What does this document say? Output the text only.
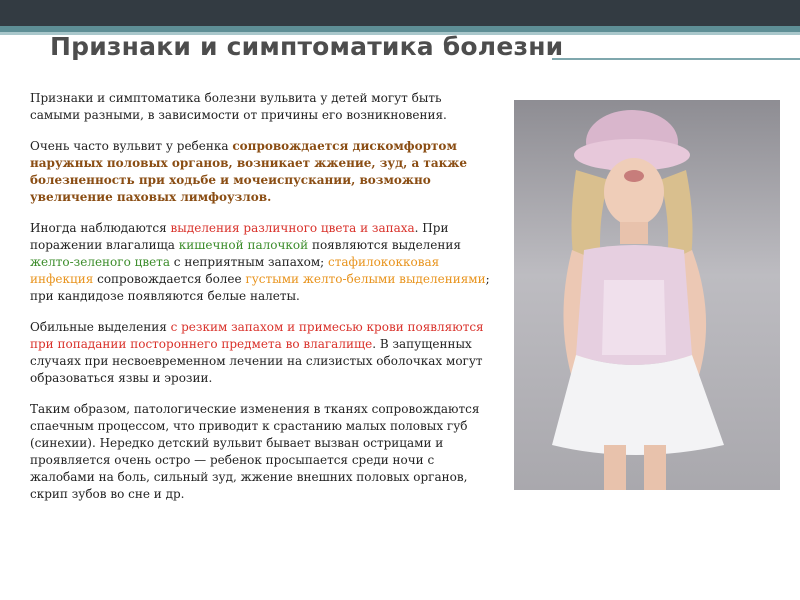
Признаки и симптоматика болезни

Признаки и симптоматика болезни вульвита у детей могут быть самыми разными, в зависимости от причины его возникновения.

Очень часто вульвит у ребенка сопровождается дискомфортом наружных половых органов, возникает жжение, зуд, а также болезненность при ходьбе и мочеиспускании, возможно увеличение паховых лимфоузлов.

Иногда наблюдаются выделения различного цвета и запаха. При поражении влагалища кишечной палочкой появляются выделения желто-зеленого цвета с неприятным запахом; стафилококковая инфекция сопровождается более густыми желто-белыми выделениями; при кандидозе появляются белые налеты.

Обильные выделения с резким запахом и примесью крови появляются при попадании постороннего предмета во влагалище. В запущенных случаях при несвоевременном лечении на слизистых оболочках могут образоваться язвы и эрозии.

Таким образом, патологические изменения в тканях сопровождаются спаечным процессом, что приводит к срастанию малых половых губ (синехии). Нередко детский вульвит бывает вызван острицами и проявляется очень остро — ребенок просыпается среди ночи с жалобами на боль, сильный зуд, жжение внешних половых органов, скрип зубов во сне и др.
